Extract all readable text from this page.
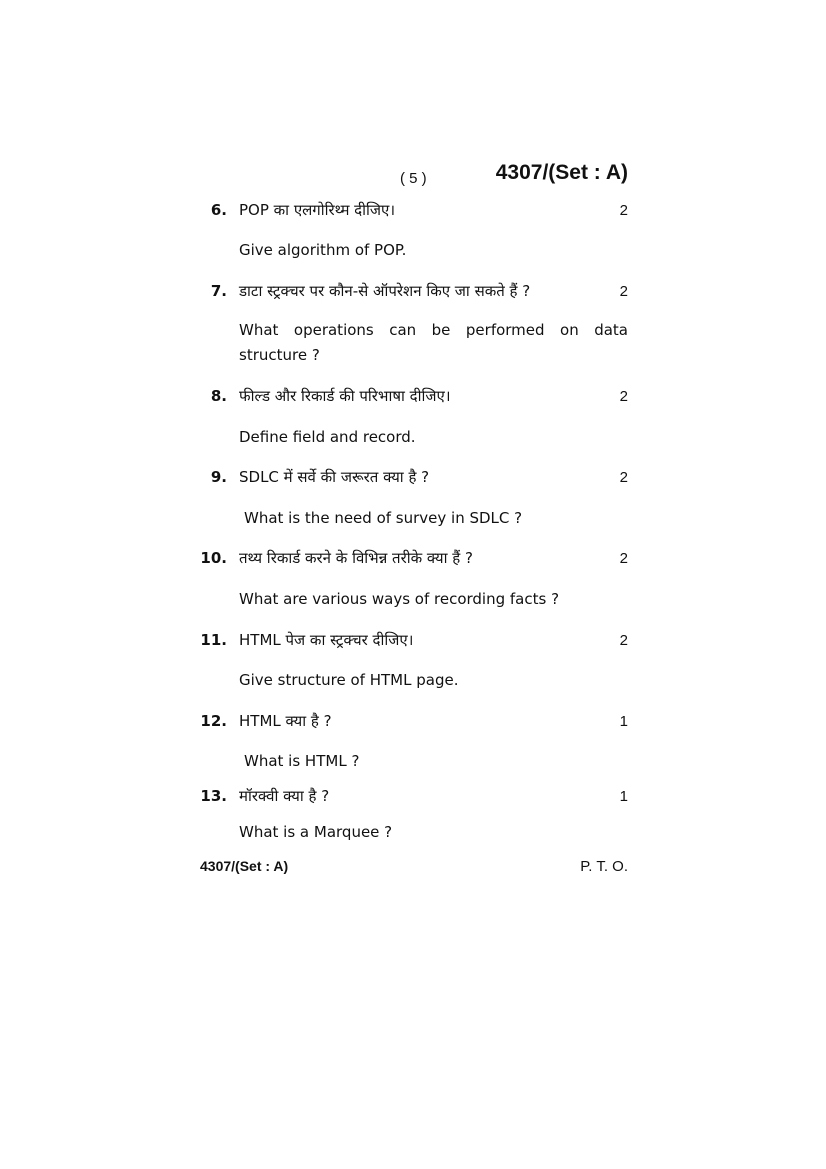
( 5 )	4307/(Set : A)
6. POP का एलगोरिथ्म दीजिए।	2
Give algorithm of POP.
7. डाटा स्ट्रक्चर पर कौन-से ऑपरेशन किए जा सकते हैं ?	2
What operations can be performed on data structure ?
8. फील्ड और रिकार्ड की परिभाषा दीजिए।	2
Define field and record.
9. SDLC में सर्वे की जरूरत क्या है ?	2
What is the need of survey in SDLC ?
10. तथ्य रिकार्ड करने के विभिन्न तरीके क्या हैं ?	2
What are various ways of recording facts ?
11. HTML पेज का स्ट्रक्चर दीजिए।	2
Give structure of HTML page.
12. HTML क्या है ?	1
What is HTML ?
13. मॉरक्वी क्या है ?	1
What is a Marquee ?
4307/(Set : A)	P. T. O.
